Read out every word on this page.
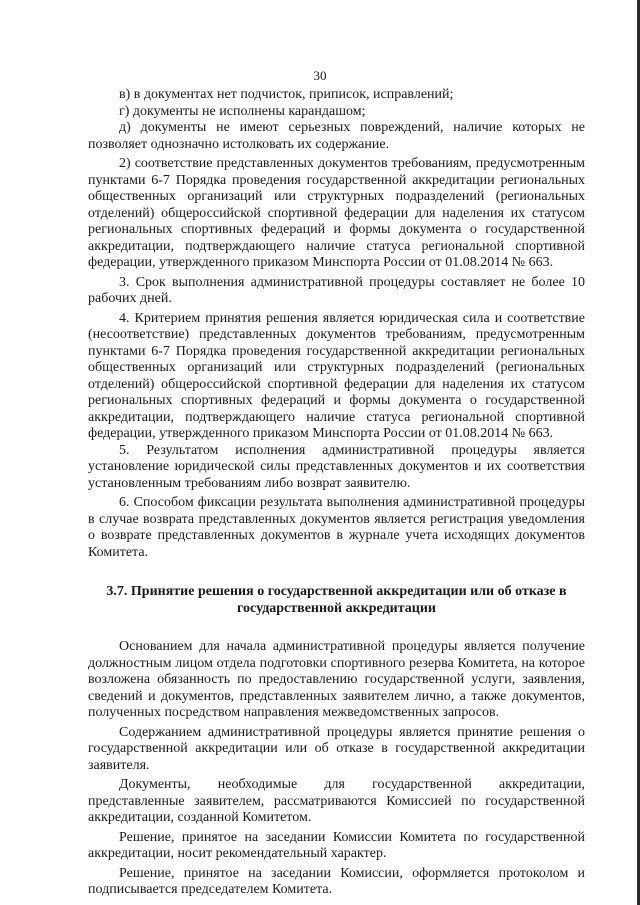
30

в) в документах нет подчисток, приписок, исправлений;

г) документы не исполнены карандашом;

д) документы не имеют серьезных повреждений, наличие которых не позволяет однозначно истолковать их содержание.

2) соответствие представленных документов требованиям, предусмотренным пунктами 6-7 Порядка проведения государственной аккредитации региональных общественных организаций или структурных подразделений (региональных отделений) общероссийской спортивной федерации для наделения их статусом региональных спортивных федераций и формы документа о государственной аккредитации, подтверждающего наличие статуса региональной спортивной федерации, утвержденного приказом Минспорта России от 01.08.2014 № 663.

3. Срок выполнения административной процедуры составляет не более 10 рабочих дней.

4. Критерием принятия решения является юридическая сила и соответствие (несоответствие) представленных документов требованиям, предусмотренным пунктами 6-7 Порядка проведения государственной аккредитации региональных общественных организаций или структурных подразделений (региональных отделений) общероссийской спортивной федерации для наделения их статусом региональных спортивных федераций и формы документа о государственной аккредитации, подтверждающего наличие статуса региональной спортивной федерации, утвержденного приказом Минспорта России от 01.08.2014 № 663.

5. Результатом исполнения административной процедуры является установление юридической силы представленных документов и их соответствия установленным требованиям либо возврат заявителю.

6. Способом фиксации результата выполнения административной процедуры в случае возврата представленных документов является регистрация уведомления о возврате представленных документов в журнале учета исходящих документов Комитета.

3.7. Принятие решения о государственной аккредитации или об отказе в
государственной аккредитации

Основанием для начала административной процедуры является получение должностным лицом отдела подготовки спортивного резерва Комитета, на которое возложена обязанность по предоставлению государственной услуги, заявления, сведений и документов, представленных заявителем лично, а также документов, полученных посредством направления межведомственных запросов.

Содержанием административной процедуры является принятие решения о государственной аккредитации или об отказе в государственной аккредитации заявителя.

Документы, необходимые для государственной аккредитации, представленные заявителем, рассматриваются Комиссией по государственной аккредитации, созданной Комитетом.

Решение, принятое на заседании Комиссии Комитета по государственной аккредитации, носит рекомендательный характер.

Решение, принятое на заседании Комиссии, оформляется протоколом и подписывается председателем Комитета.
